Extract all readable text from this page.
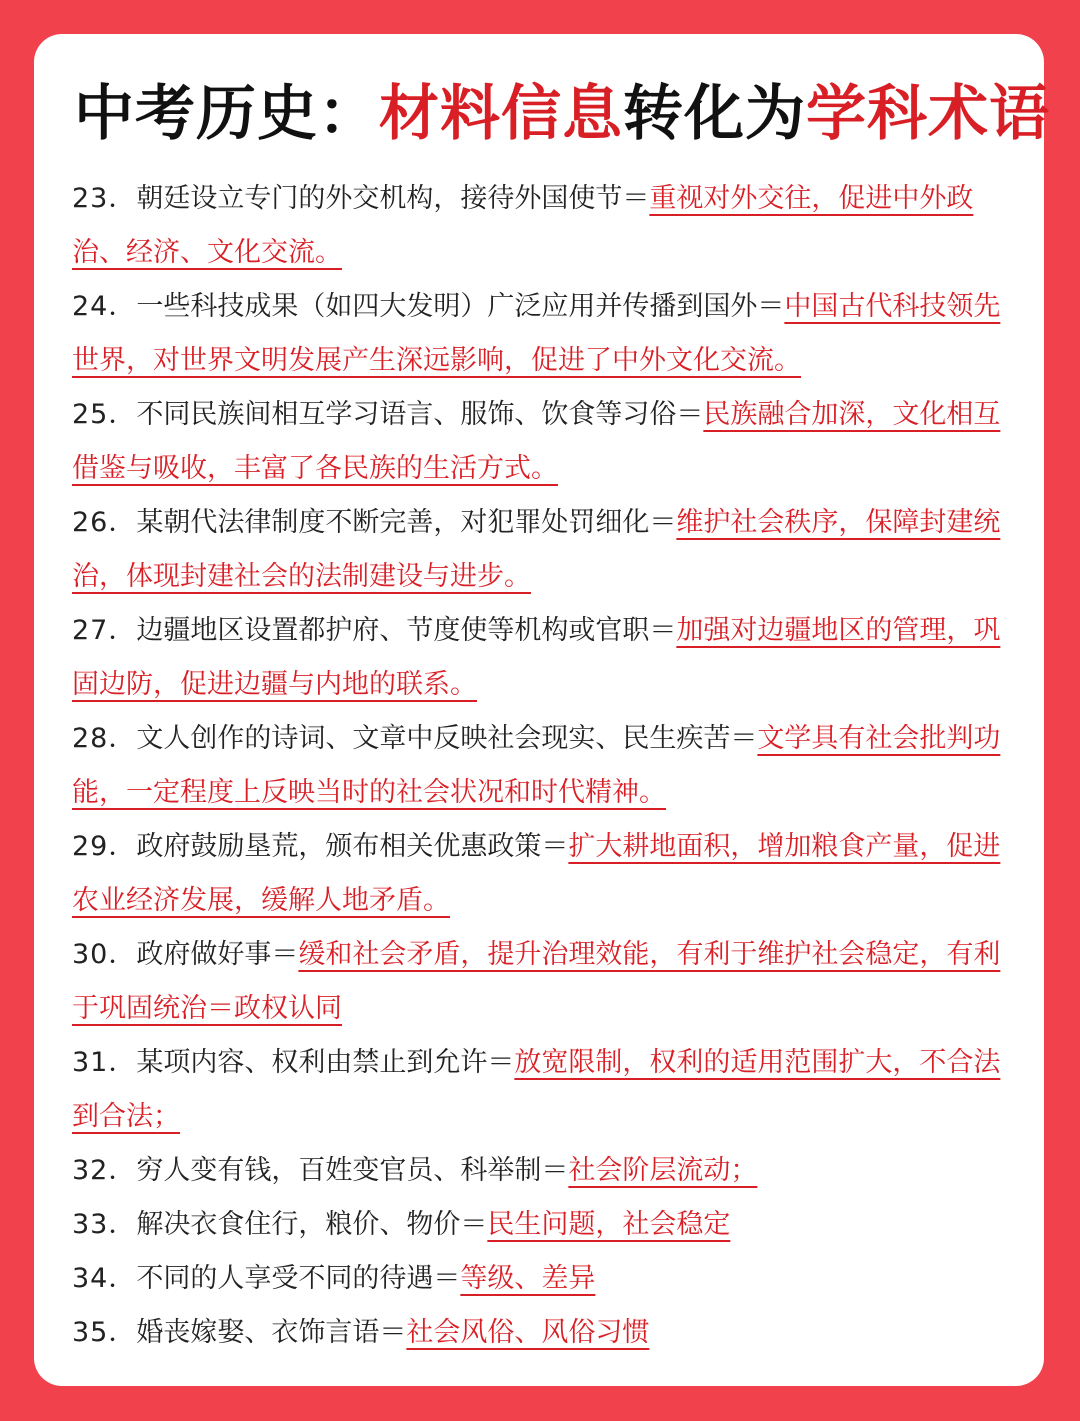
中考历史：材料信息转化为学科术语

23．朝廷设立专门的外交机构，接待外国使节＝重视对外交往，促进中外政治、经济、文化交流。

24．一些科技成果（如四大发明）广泛应用并传播到国外＝中国古代科技领先世界，对世界文明发展产生深远影响，促进了中外文化交流。

25．不同民族间相互学习语言、服饰、饮食等习俗＝民族融合加深，文化相互借鉴与吸收，丰富了各民族的生活方式。

26．某朝代法律制度不断完善，对犯罪处罚细化＝维护社会秩序，保障封建统治，体现封建社会的法制建设与进步。

27．边疆地区设置都护府、节度使等机构或官职＝加强对边疆地区的管理，巩固边防，促进边疆与内地的联系。

28．文人创作的诗词、文章中反映社会现实、民生疾苦＝文学具有社会批判功能，一定程度上反映当时的社会状况和时代精神。

29．政府鼓励垦荒，颁布相关优惠政策＝扩大耕地面积，增加粮食产量，促进农业经济发展，缓解人地矛盾。

30．政府做好事＝缓和社会矛盾，提升治理效能，有利于维护社会稳定，有利于巩固统治＝政权认同

31．某项内容、权利由禁止到允许＝放宽限制，权利的适用范围扩大，不合法到合法；

32．穷人变有钱，百姓变官员、科举制＝社会阶层流动；

33．解决衣食住行，粮价、物价＝民生问题，社会稳定

34．不同的人享受不同的待遇＝等级、差异

35．婚丧嫁娶、衣饰言语＝社会风俗、风俗习惯
